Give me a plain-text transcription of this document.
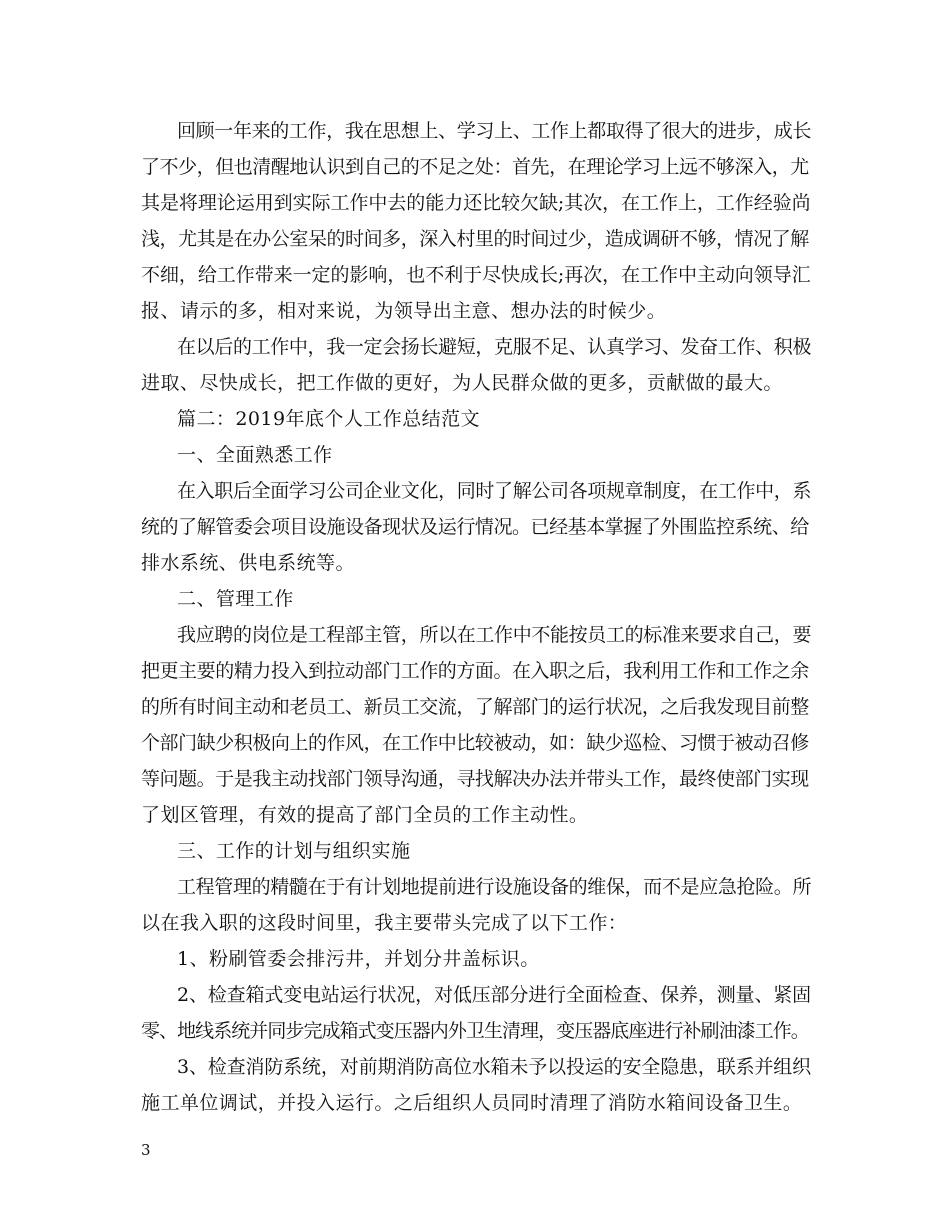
回顾一年来的工作，我在思想上、学习上、工作上都取得了很大的进步，成长
了不少，但也清醒地认识到自己的不足之处：首先，在理论学习上远不够深入，尤
其是将理论运用到实际工作中去的能力还比较欠缺;其次，在工作上，工作经验尚
浅，尤其是在办公室呆的时间多，深入村里的时间过少，造成调研不够，情况了解
不细，给工作带来一定的影响，也不利于尽快成长;再次，在工作中主动向领导汇
报、请示的多，相对来说，为领导出主意、想办法的时候少。
在以后的工作中，我一定会扬长避短，克服不足、认真学习、发奋工作、积极
进取、尽快成长，把工作做的更好，为人民群众做的更多，贡献做的最大。
篇二：2019年底个人工作总结范文
一、全面熟悉工作
在入职后全面学习公司企业文化，同时了解公司各项规章制度，在工作中，系
统的了解管委会项目设施设备现状及运行情况。已经基本掌握了外围监控系统、给
排水系统、供电系统等。
二、管理工作
我应聘的岗位是工程部主管，所以在工作中不能按员工的标准来要求自己，要
把更主要的精力投入到拉动部门工作的方面。在入职之后，我利用工作和工作之余
的所有时间主动和老员工、新员工交流，了解部门的运行状况，之后我发现目前整
个部门缺少积极向上的作风，在工作中比较被动，如：缺少巡检、习惯于被动召修
等问题。于是我主动找部门领导沟通，寻找解决办法并带头工作，最终使部门实现
了划区管理，有效的提高了部门全员的工作主动性。
三、工作的计划与组织实施
工程管理的精髓在于有计划地提前进行设施设备的维保，而不是应急抢险。所
以在我入职的这段时间里，我主要带头完成了以下工作：
1、粉刷管委会排污井，并划分井盖标识。
2、检查箱式变电站运行状况，对低压部分进行全面检查、保养，测量、紧固
零、地线系统并同步完成箱式变压器内外卫生清理，变压器底座进行补刷油漆工作。
3、检查消防系统，对前期消防高位水箱未予以投运的安全隐患，联系并组织
施工单位调试，并投入运行。之后组织人员同时清理了消防水箱间设备卫生。
3
